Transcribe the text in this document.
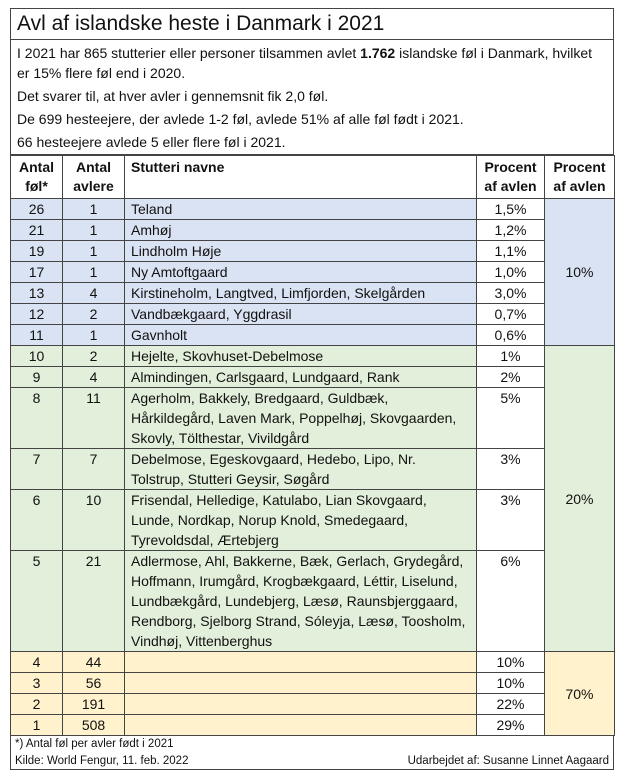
Avl af islandske heste i Danmark i 2021

I 2021 har 865 stutterier eller personer tilsammen avlet 1.762 islandske føl i Danmark, hvilket er 15% flere føl end i 2020.

Det svarer til, at hver avler i gennemsnit fik 2,0 føl.

De 699 hesteejere, der avlede 1-2 føl, avlede 51% af alle føl født i 2021.

66 hesteejere avlede 5 eller flere føl i 2021.

Antal føl*	Antal avlere	Stutteri navne	Procent af avlen	Procent af avlen
26	1	Teland	1,5%	10%
21	1	Amhøj	1,2%	
19	1	Lindholm Høje	1,1%	
17	1	Ny Amtoftgaard	1,0%	
13	4	Kirstineholm, Langtved, Limfjorden, Skelgården	3,0%	
12	2	Vandbækgaard, Yggdrasil	0,7%	
11	1	Gavnholt	0,6%	
10	2	Hejelte, Skovhuset-Debelmose	1%	20%
9	4	Almindingen, Carlsgaard, Lundgaard, Rank	2%	
8	11	Agerholm, Bakkely, Bredgaard, Guldbæk, Hårkildegård, Laven Mark, Poppelhøj, Skovgaarden, Skovly, Tölthestar, Vivildgård	5%	
7	7	Debelmose, Egeskovgaard, Hedebo, Lipo, Nr. Tolstrup, Stutteri Geysir, Søgård	3%	
6	10	Frisendal, Helledige, Katulabo, Lian Skovgaard, Lunde, Nordkap, Norup Knold, Smedegaard, Tyrevoldsdal, Ærtebjerg	3%	
5	21	Adlermose, Ahl, Bakkerne, Bæk, Gerlach, Grydegård, Hoffmann, Irumgård, Krogbækgaard, Léttir, Liselund, Lundbækgård, Lundebjerg, Læsø, Raunsbjerggaard, Rendborg, Sjelborg Strand, Sóleyja, Læsø, Toosholm, Vindhøj, Vittenberghus	6%	
4	44		10%	70%
3	56		10%	
2	191		22%	
1	508		29%	
*) Antal føl per avler født i 2021
Kilde: World Fengur, 11. feb. 2022	Udarbejdet af: Susanne Linnet Aagaard
